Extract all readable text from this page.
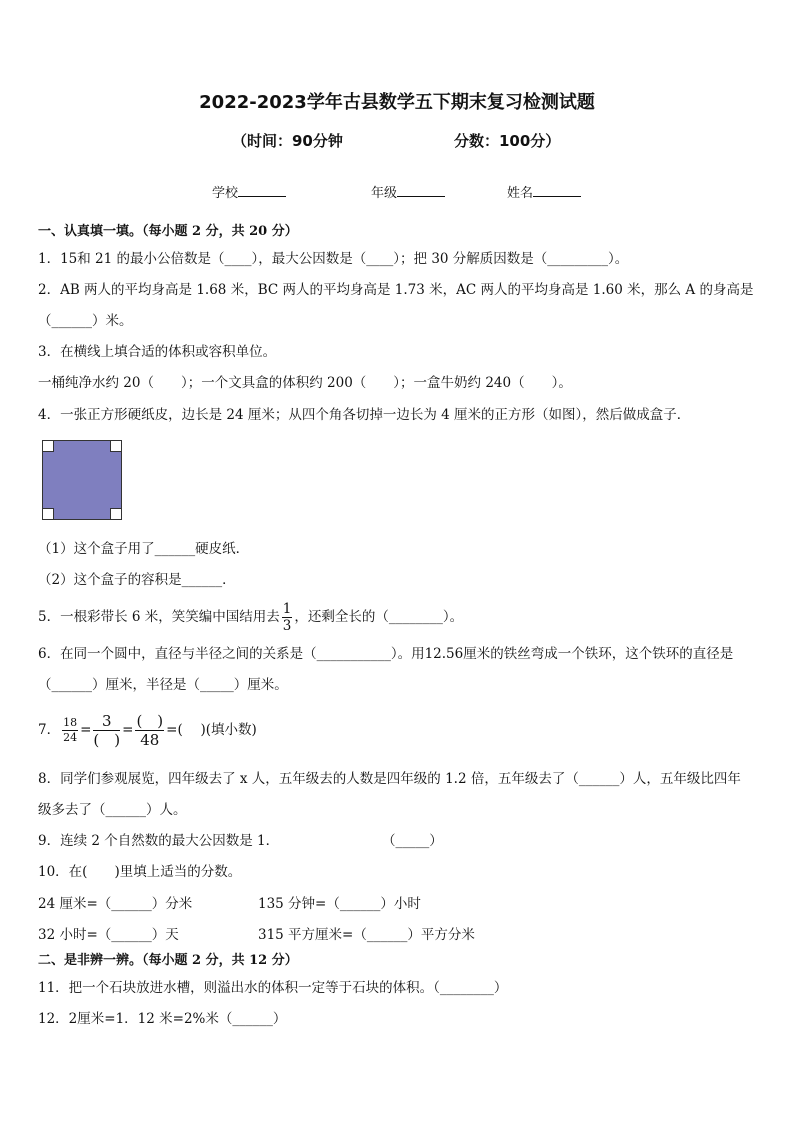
2022-2023学年古县数学五下期末复习检测试题
（时间：90分钟	分数：100分）
学校	年级	姓名
一、认真填一填。（每小题 2 分，共 20 分）
1．15和 21 的最小公倍数是（____），最大公因数是（____）；把 30 分解质因数是（_________）。
2．AB 两人的平均身高是 1.68 米，BC 两人的平均身高是 1.73 米，AC 两人的平均身高是 1.60 米，那么 A 的身高是
（______）米。
3．在横线上填合适的体积或容积单位。
一桶纯净水约 20（　　）；一个文具盒的体积约 200（　　）；一盒牛奶约 240（　　）。
4．一张正方形硬纸皮，边长是 24 厘米；从四个角各切掉一边长为 4 厘米的正方形（如图），然后做成盒子．
（1）这个盒子用了______硬皮纸．
（2）这个盒子的容积是______．
5．一根彩带长 6 米，笑笑编中国结用去 $\frac{1}{3}$ ，还剩全长的（________）。
6．在同一个圆中，直径与半径之间的关系是（___________）。用12.56厘米的铁丝弯成一个铁环，这个铁环的直径是
（______）厘米，半径是（_____）厘米。
7． $\frac{18}{24} = \frac{3}{( )} = \frac{( )}{48}$ =(　 )(填小数)
8．同学们参观展览，四年级去了 x 人，五年级去的人数是四年级的 1.2 倍，五年级去了（______）人，五年级比四年
级多去了（______）人。
9．连续 2 个自然数的最大公因数是 1．	（_____）
10．在(　　)里填上适当的分数。
24 厘米=（______）分米	135 分钟=（______）小时
32 小时=（______）天	315 平方厘米=（______）平方分米
二、是非辨一辨。（每小题 2 分，共 12 分）
11．把一个石块放进水槽，则溢出水的体积一定等于石块的体积。（________）
12．2厘米=1．12 米=2%米（______）
